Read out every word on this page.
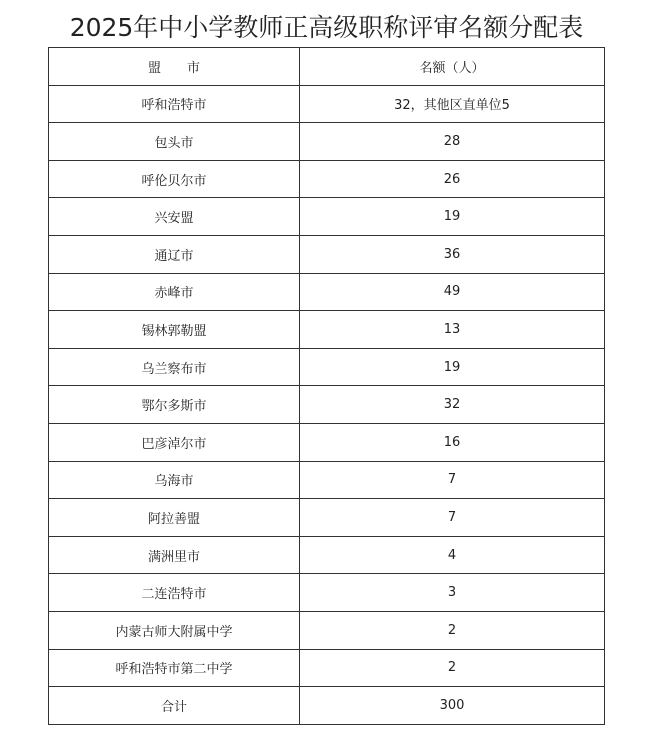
2025年中小学教师正高级职称评审名额分配表
盟　　市	名额（人）
呼和浩特市	32，其他区直单位5
包头市	28
呼伦贝尔市	26
兴安盟	19
通辽市	36
赤峰市	49
锡林郭勒盟	13
乌兰察布市	19
鄂尔多斯市	32
巴彦淖尔市	16
乌海市	7
阿拉善盟	7
满洲里市	4
二连浩特市	3
内蒙古师大附属中学	2
呼和浩特市第二中学	2
合计	300
